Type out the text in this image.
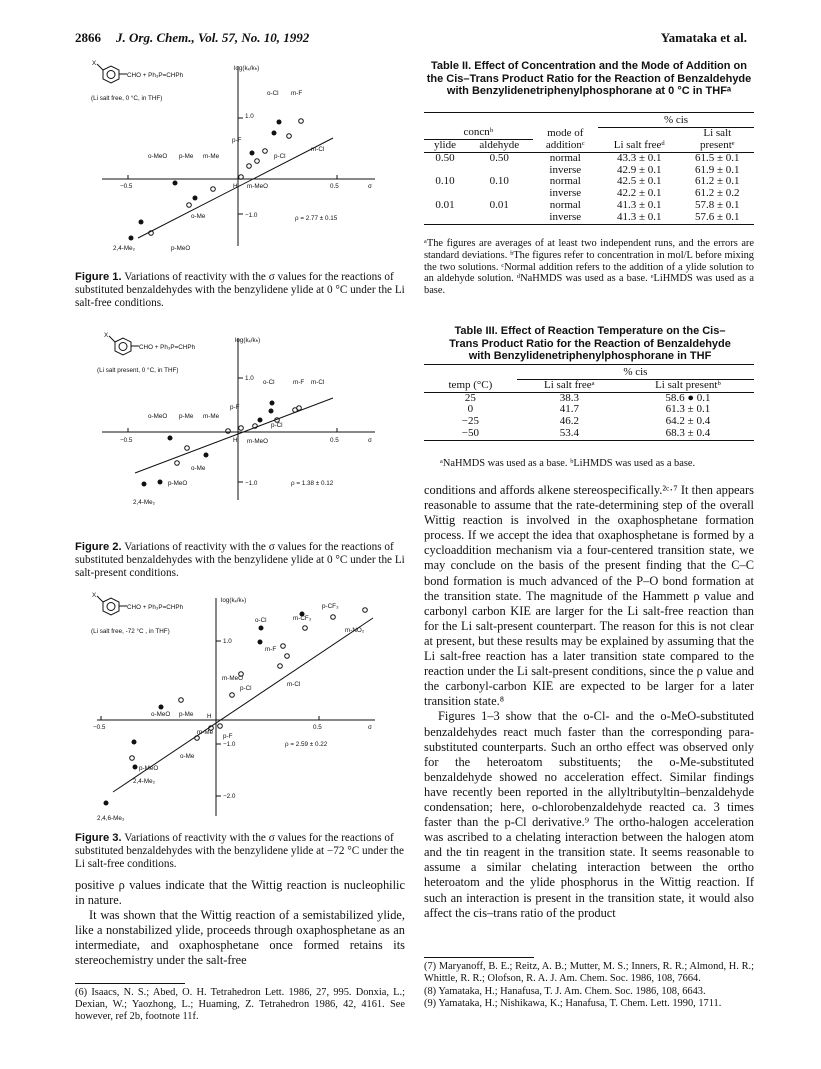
2866 J. Org. Chem., Vol. 57, No. 10, 1992	Yamataka et al.
X
CHO + Ph₃P=CHPh
(Li salt free, 0 °C, in THF)
log(kₓ/kₕ)
1.0
−1.0
−0.5	0.5
H	σ
ρ = 2.77 ± 0.15
o-Cl m-F
p-F
m-Cl
p-Cl
o-MeO p-Me m-Me
m-MeO
o-Me
2,4-Me₂	p-MeO
Figure 1. Variations of reactivity with the σ values for the reactions of substituted benzaldehydes with the benzylidene ylide at 0 °C under the Li salt-free conditions.
X
CHO + Ph₃P=CHPh
(Li salt present, 0 °C, in THF)
log(kₓ/kₕ)
1.0
−1.0
−0.5	0.5
H	σ
ρ = 1.38 ± 0.12
o-Cl	m-F m-Cl
p-F
p-Cl
o-MeO p-Me m-Me
m-MeO
o-Me
p-MeO
2,4-Me₂
Figure 2. Variations of reactivity with the σ values for the reactions of substituted benzaldehydes with the benzylidene ylide at 0 °C under the Li salt-present conditions.
X
CHO + Ph₃P=CHPh
(Li salt free, -72 °C , in THF)
log(kₓ/kₕ)
1.0
−1.0
−2.0
−0.5	0.5
H
σ
ρ = 2.59 ± 0.22
p-CF₃
m-CF₃
o-Cl
m-NO₂
m-F
m-MeO
m-Cl
p-Cl
o-MeO p-Me
p-F
m-Me
o-Me
p-MeO
2,4-Me₂
2,4,6-Me₃
Figure 3. Variations of reactivity with the σ values for the reactions of substituted benzaldehydes with the benzylidene ylide at −72 °C under the Li salt-free conditions.

positive ρ values indicate that the Wittig reaction is nucleophilic in nature.

It was shown that the Wittig reaction of a semistabilized ylide, like a nonstabilized ylide, proceeds through oxaphosphetane as an intermediate, and oxaphosphetane once formed retains its stereochemistry under the salt-free

(6) Isaacs, N. S.; Abed, O. H. Tetrahedron Lett. 1986, 27, 995. Donxia, L.; Dexian, W.; Yaozhong, L.; Huaming, Z. Tetrahedron 1986, 42, 4161. See however, ref 2b, footnote 11f.
Table II. Effect of Concentration and the Mode of Addition on the Cis–Trans Product Ratio for the Reaction of Benzaldehyde with Benzylidenetriphenylphosphorane at 0 °C in THFᵃ
			% cis	
concnᵇ		mode of		Li salt
ylide	aldehyde	additionᶜ	Li salt freeᵈ	presentᵉ
0.50	0.50	normal	43.3 ± 0.1	61.5 ± 0.1
		inverse	42.9 ± 0.1	61.9 ± 0.1
0.10	0.10	normal	42.5 ± 0.1	61.2 ± 0.1
		inverse	42.2 ± 0.1	61.2 ± 0.2
0.01	0.01	normal	41.3 ± 0.1	57.8 ± 0.1
		inverse	41.3 ± 0.1	57.6 ± 0.1
ᵃThe figures are averages of at least two independent runs, and the errors are standard deviations. ᵇThe figures refer to concentration in mol/L before mixing the two solutions. ᶜNormal addition refers to the addition of a ylide solution to an aldehyde solution. ᵈNaHMDS was used as a base. ᵉLiHMDS was used as a base.
Table III. Effect of Reaction Temperature on the Cis–Trans Product Ratio for the Reaction of Benzaldehyde with Benzylidenetriphenylphosphorane in THF
	% cis	
temp (°C)	Li salt freeᵃ	Li salt presentᵇ
25	38.3	58.6 ● 0.1
0	41.7	61.3 ± 0.1
−25	46.2	64.2 ± 0.4
−50	53.4	68.3 ± 0.4
ᵃNaHMDS was used as a base. ᵇLiHMDS was used as a base.

conditions and affords alkene stereospecifically.²ᶜ·⁷ It then appears reasonable to assume that the rate-determining step of the overall Wittig reaction is involved in the oxaphosphetane formation process. If we accept the idea that oxaphosphetane is formed by a cycloaddition mechanism via a four-centered transition state, we may conclude on the basis of the present finding that the C–C bond formation is much advanced of the P–O bond formation at the transition state. The magnitude of the Hammett ρ value and carbonyl carbon KIE are larger for the Li salt-free reaction than for the Li salt-present counterpart. The reason for this is not clear at present, but these results may be explained by assuming that the Li salt-free reaction has a later transition state compared to the reaction under the Li salt-present conditions, since the ρ value and the carbonyl-carbon KIE are expected to be larger for a later transition state.⁸

Figures 1–3 show that the o-Cl- and the o-MeO-substituted benzaldehydes react much faster than the corresponding para-substituted counterparts. Such an ortho effect was observed only for the heteroatom substituents; the o-Me-substituted benzaldehyde showed no acceleration effect. Similar findings have recently been reported in the allyltributyltin–benzaldehyde condensation; here, o-chlorobenzaldehyde reacted ca. 3 times faster than the p-Cl derivative.⁹ The ortho-halogen acceleration was ascribed to a chelating interaction between the halogen atom and the tin reagent in the transition state. It seems reasonable to assume a similar chelating interaction between the ortho heteroatom and the ylide phosphorus in the Wittig reaction. If such an interaction is present in the transition state, it would also affect the cis–trans ratio of the product

(7) Maryanoff, B. E.; Reitz, A. B.; Mutter, M. S.; Inners, R. R.; Almond, H. R.; Whittle, R. R.; Olofson, R. A. J. Am. Chem. Soc. 1986, 108, 7664.

(8) Yamataka, H.; Hanafusa, T. J. Am. Chem. Soc. 1986, 108, 6643.

(9) Yamataka, H.; Nishikawa, K.; Hanafusa, T. Chem. Lett. 1990, 1711.
